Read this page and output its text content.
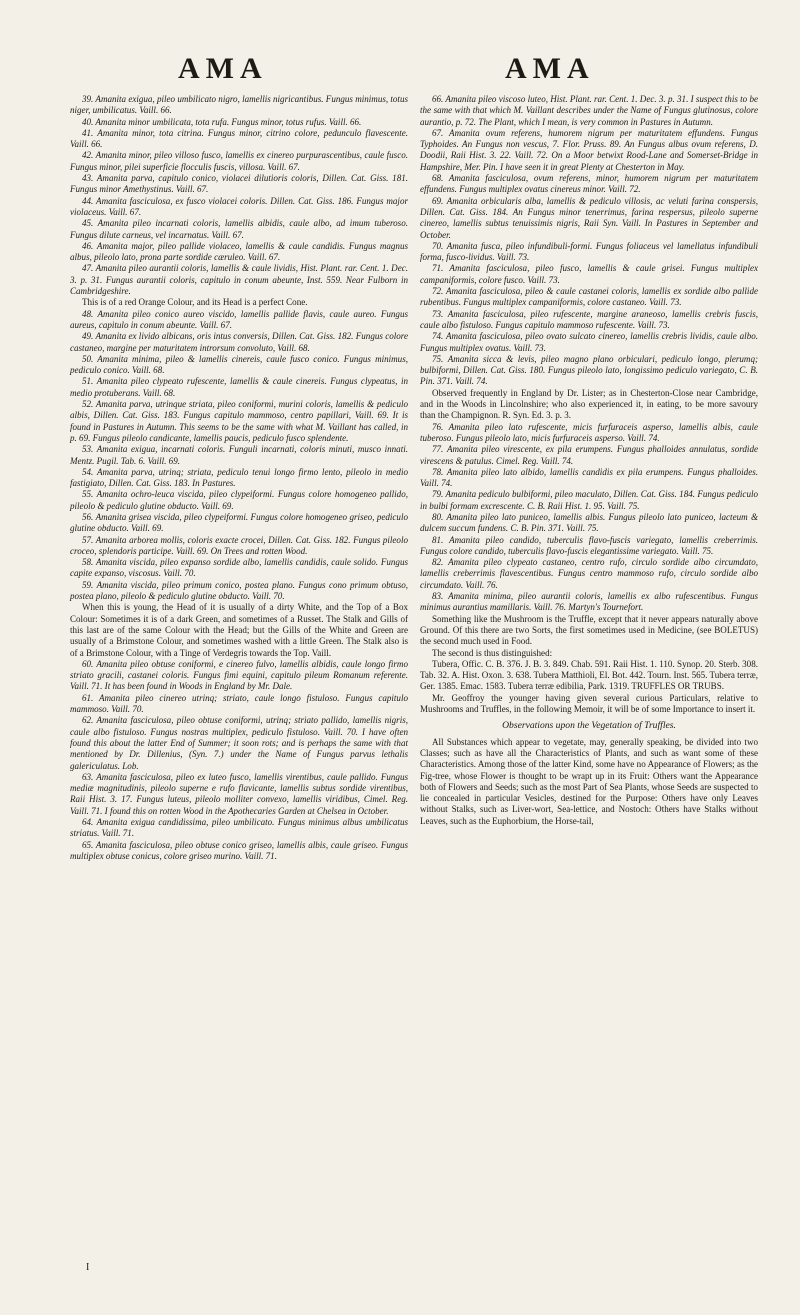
AMA	AMA

39. Amanita exigua, pileo umbilicato nigro, lamellis nigricantibus. Fungus minimus, totus niger, umbilicatus. Vaill. 66.

40. Amanita minor umbilicata, tota rufa. Fungus minor, totus rufus. Vaill. 66.

41. Amanita minor, tota citrina. Fungus minor, citrino colore, pedunculo flavescente. Vaill. 66.

42. Amanita minor, pileo villoso fusco, lamellis ex cinereo purpurascentibus, caule fusco. Fungus minor, pilei superficie flocculis fuscis, villosa. Vaill. 67.

43. Amanita parva, capitulo conico, violacei dilutioris coloris, Dillen. Cat. Giss. 181. Fungus minor Amethystinus. Vaill. 67.

44. Amanita fasciculosa, ex fusco violacei coloris. Dillen. Cat. Giss. 186. Fungus major violaceus. Vaill. 67.

45. Amanita pileo incarnati coloris, lamellis albidis, caule albo, ad imum tuberoso. Fungus dilute carneus, vel incarnatus. Vaill. 67.

46. Amanita major, pileo pallide violaceo, lamellis & caule candidis. Fungus magnus albus, pileolo lato, prona parte sordide cæruleo. Vaill. 67.

47. Amanita pileo aurantii coloris, lamellis & caule lividis, Hist. Plant. rar. Cent. 1. Dec. 3. p. 31. Fungus aurantii coloris, capitulo in conum abeunte, Inst. 559. Near Fulborn in Cambridgeshire.

This is of a red Orange Colour, and its Head is a perfect Cone.

48. Amanita pileo conico aureo viscido, lamellis pallide flavis, caule aureo. Fungus aureus, capitulo in conum abeunte. Vaill. 67.

49. Amanita ex livido albicans, oris intus conversis, Dillen. Cat. Giss. 182. Fungus colore castaneo, margine per maturitatem introrsum convoluto, Vaill. 68.

50. Amanita minima, pileo & lamellis cinereis, caule fusco conico. Fungus minimus, pediculo conico. Vaill. 68.

51. Amanita pileo clypeato rufescente, lamellis & caule cinereis. Fungus clypeatus, in medio protuberans. Vaill. 68.

52. Amanita parva, utrinque striata, pileo coniformi, murini coloris, lamellis & pediculo albis, Dillen. Cat. Giss. 183. Fungus capitulo mammoso, centro papillari, Vaill. 69. It is found in Pastures in Autumn. This seems to be the same with what M. Vaillant has called, in p. 69. Fungus pileolo candicante, lamellis paucis, pediculo fusco splendente.

53. Amanita exigua, incarnati coloris. Funguli incarnati, coloris minuti, musco innati. Mentz. Pugil. Tab. 6. Vaill. 69.

54. Amanita parva, utrinq; striata, pediculo tenui longo firmo lento, pileolo in medio fastigiato, Dillen. Cat. Giss. 183. In Pastures.

55. Amanita ochro-leuca viscida, pileo clypeiformi. Fungus colore homogeneo pallido, pileolo & pediculo glutine obducto. Vaill. 69.

56. Amanita grisea viscida, pileo clypeiformi. Fungus colore homogeneo griseo, pediculo glutine obducto. Vaill. 69.

57. Amanita arborea mollis, coloris exacte crocei, Dillen. Cat. Giss. 182. Fungus pileolo croceo, splendoris participe. Vaill. 69. On Trees and rotten Wood.

58. Amanita viscida, pileo expanso sordide albo, lamellis candidis, caule solido. Fungus capite expanso, viscosus. Vaill. 70.

59. Amanita viscida, pileo primum conico, postea plano. Fungus cono primum obtuso, postea plano, pileolo & pediculo glutine obducto. Vaill. 70.

When this is young, the Head of it is usually of a dirty White, and the Top of a Box Colour: Sometimes it is of a dark Green, and sometimes of a Russet. The Stalk and Gills of this last are of the same Colour with the Head; but the Gills of the White and Green are usually of a Brimstone Colour, and sometimes washed with a little Green. The Stalk also is of a Brimstone Colour, with a Tinge of Verdegris towards the Top. Vaill.

60. Amanita pileo obtuse coniformi, e cinereo fulvo, lamellis albidis, caule longo firmo striato gracili, castanei coloris. Fungus fimi equini, capitulo pileum Romanum referente. Vaill. 71. It has been found in Woods in England by Mr. Dale.

61. Amanita pileo cinereo utrinq; striato, caule longo fistuloso. Fungus capitulo mammoso. Vaill. 70.

62. Amanita fasciculosa, pileo obtuse coniformi, utrinq; striato pallido, lamellis nigris, caule albo fistuloso. Fungus nostras multiplex, pediculo fistuloso. Vaill. 70. I have often found this about the latter End of Summer; it soon rots; and is perhaps the same with that mentioned by Dr. Dillenius, (Syn. 7.) under the Name of Fungus parvus lethalis galericulatus. Lob.

63. Amanita fasciculosa, pileo ex luteo fusco, lamellis virentibus, caule pallido. Fungus mediæ magnitudinis, pileolo superne e rufo flavicante, lamellis subtus sordide virentibus, Raii Hist. 3. 17. Fungus luteus, pileolo molliter convexo, lamellis viridibus, Cimel. Reg. Vaill. 71. I found this on rotten Wood in the Apothecaries Garden at Chelsea in October.

64. Amanita exigua candidissima, pileo umbilicato. Fungus minimus albus umbilicatus striatus. Vaill. 71.

65. Amanita fasciculosa, pileo obtuse conico griseo, lamellis albis, caule griseo. Fungus multiplex obtuse conicus, colore griseo murino. Vaill. 71.

66. Amanita pileo viscoso luteo, Hist. Plant. rar. Cent. 1. Dec. 3. p. 31. I suspect this to be the same with that which M. Vaillant describes under the Name of Fungus glutinosus, colore aurantio, p. 72. The Plant, which I mean, is very common in Pastures in Autumn.

67. Amanita ovum referens, humorem nigrum per maturitatem effundens. Fungus Typhoides. An Fungus non vescus, 7. Flor. Pruss. 89. An Fungus albus ovum referens, D. Doodii, Raii Hist. 3. 22. Vaill. 72. On a Moor betwixt Rood-Lane and Somerset-Bridge in Hampshire, Mer. Pin. I have seen it in great Plenty at Chesterton in May.

68. Amanita fasciculosa, ovum referens, minor, humorem nigrum per maturitatem effundens. Fungus multiplex ovatus cinereus minor. Vaill. 72.

69. Amanita orbicularis alba, lamellis & pediculo villosis, ac veluti farina conspersis, Dillen. Cat. Giss. 184. An Fungus minor tenerrimus, farina respersus, pileolo superne cinereo, lamellis subtus tenuissimis nigris, Raii Syn. Vaill. In Pastures in September and October.

70. Amanita fusca, pileo infundibuli-formi. Fungus foliaceus vel lamellatus infundibuli forma, fusco-lividus. Vaill. 73.

71. Amanita fasciculosa, pileo fusco, lamellis & caule grisei. Fungus multiplex campaniformis, colore fusco. Vaill. 73.

72. Amanita fasciculosa, pileo & caule castanei coloris, lamellis ex sordide albo pallide rubentibus. Fungus multiplex campaniformis, colore castaneo. Vaill. 73.

73. Amanita fasciculosa, pileo rufescente, margine araneoso, lamellis crebris fuscis, caule albo fistuloso. Fungus capitulo mammoso rufescente. Vaill. 73.

74. Amanita fasciculosa, pileo ovato sulcato cinereo, lamellis crebris lividis, caule albo. Fungus multiplex ovatus. Vaill. 73.

75. Amanita sicca & levis, pileo magno plano orbiculari, pediculo longo, plerumq; bulbiformi, Dillen. Cat. Giss. 180. Fungus pileolo lato, longissimo pediculo variegato, C. B. Pin. 371. Vaill. 74.

Observed frequently in England by Dr. Lister; as in Chesterton-Close near Cambridge, and in the Woods in Lincolnshire; who also experienced it, in eating, to be more savoury than the Champignon. R. Syn. Ed. 3. p. 3.

76. Amanita pileo lato rufescente, micis furfuraceis asperso, lamellis albis, caule tuberoso. Fungus pileolo lato, micis furfuraceis asperso. Vaill. 74.

77. Amanita pileo virescente, ex pila erumpens. Fungus phalloides annulatus, sordide virescens & patulus. Cimel. Reg. Vaill. 74.

78. Amanita pileo lato albido, lamellis candidis ex pila erumpens. Fungus phalloides. Vaill. 74.

79. Amanita pediculo bulbiformi, pileo maculato, Dillen. Cat. Giss. 184. Fungus pediculo in bulbi formam excrescente. C. B. Raii Hist. 1. 95. Vaill. 75.

80. Amanita pileo lato puniceo, lamellis albis. Fungus pileolo lato puniceo, lacteum & dulcem succum fundens. C. B. Pin. 371. Vaill. 75.

81. Amanita pileo candido, tuberculis flavo-fuscis variegato, lamellis creberrimis. Fungus colore candido, tuberculis flavo-fuscis elegantissime variegato. Vaill. 75.

82. Amanita pileo clypeato castaneo, centro rufo, circulo sordide albo circumdato, lamellis creberrimis flavescentibus. Fungus centro mammoso rufo, circulo sordide albo circumdato. Vaill. 76.

83. Amanita minima, pileo aurantii coloris, lamellis ex albo rufescentibus. Fungus minimus aurantius mamillaris. Vaill. 76. Martyn's Tournefort.

Something like the Mushroom is the Truffle, except that it never appears naturally above Ground. Of this there are two Sorts, the first sometimes used in Medicine, (see BOLETUS) the second much used in Food.

The second is thus distinguished:

Tubera, Offic. C. B. 376. J. B. 3. 849. Chab. 591. Raii Hist. 1. 110. Synop. 20. Sterb. 308. Tab. 32. A. Hist. Oxon. 3. 638. Tubera Matthioli, El. Bot. 442. Tourn. Inst. 565. Tubera terræ, Ger. 1385. Emac. 1583. Tubera terræ edibilia, Park. 1319. TRUFFLES OR TRUBS.

Mr. Geoffroy the younger having given several curious Particulars, relative to Mushrooms and Truffles, in the following Memoir, it will be of some Importance to insert it.

Observations upon the Vegetation of Truffles.

All Substances which appear to vegetate, may, generally speaking, be divided into two Classes; such as have all the Characteristics of Plants, and such as want some of these Characteristics. Among those of the latter Kind, some have no Appearance of Flowers; as the Fig-tree, whose Flower is thought to be wrapt up in its Fruit: Others want the Appearance both of Flowers and Seeds; such as the most Part of Sea Plants, whose Seeds are suspected to lie concealed in particular Vesicles, destined for the Purpose: Others have only Leaves without Stalks, such as Liver-wort, Sea-lettice, and Nostoch: Others have Stalks without Leaves, such as the Euphorbium, the Horse-tail,

I
